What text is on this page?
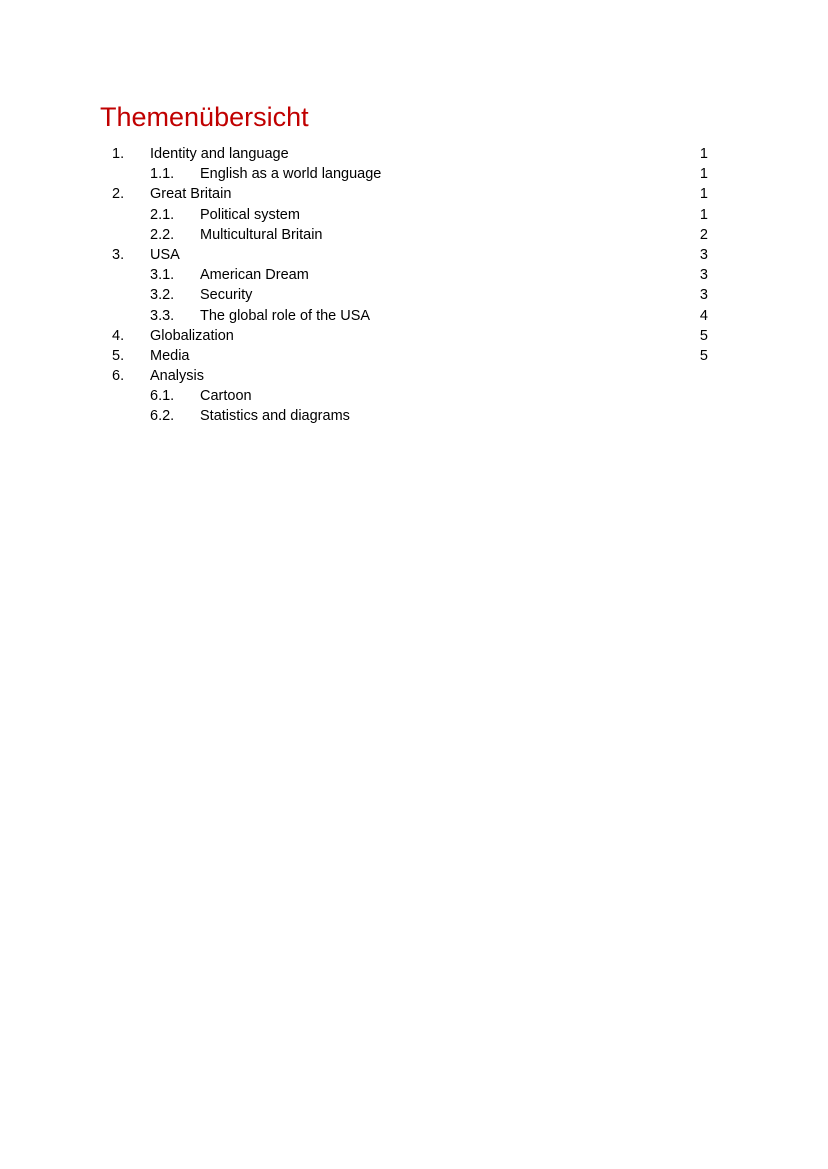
Themenübersicht
1. Identity and language	1
1.1. English as a world language	1
2. Great Britain	1
2.1. Political system	1
2.2. Multicultural Britain	2
3. USA	3
3.1. American Dream	3
3.2. Security	3
3.3. The global role of the USA	4
4. Globalization	5
5. Media	5
6. Analysis
6.1. Cartoon
6.2. Statistics and diagrams
